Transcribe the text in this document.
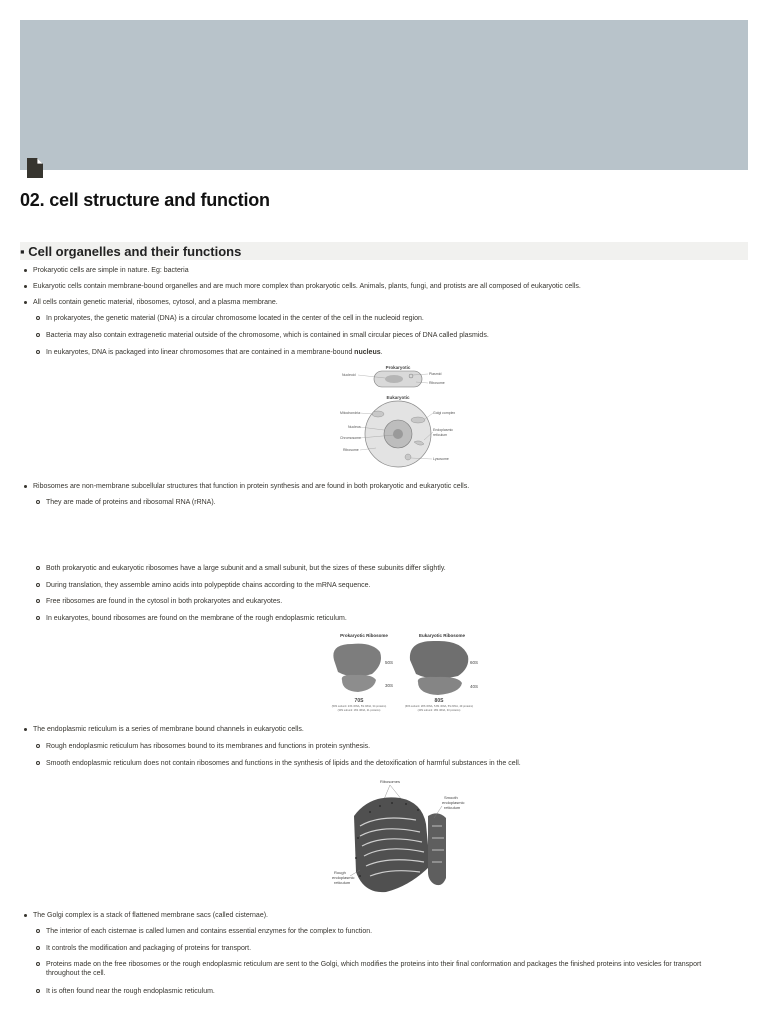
02. cell structure and function
▪ Cell organelles and their functions
Prokaryotic cells are simple in nature. Eg: bacteria
Eukaryotic cells contain membrane-bound organelles and are much more complex than prokaryotic cells. Animals, plants, fungi, and protists are all composed of eukaryotic cells.
All cells contain genetic material, ribosomes, cytosol, and a plasma membrane.
In prokaryotes, the genetic material (DNA) is a circular chromosome located in the center of the cell in the nucleoid region.
Bacteria may also contain extragenetic material outside of the chromosome, which is contained in small circular pieces of DNA called plasmids.
In eukaryotes, DNA is packaged into linear chromosomes that are contained in a membrane-bound nucleus.
Prokaryotic
Nucleoid	Plasmid
Ribosome
Eukaryotic
Mitochondria
Nucleus
Chromosome
Ribosome
Golgi complex
Endoplasmic
reticulum
Lysosome
Ribosomes are non-membrane subcellular structures that function in protein synthesis and are found in both prokaryotic and eukaryotic cells.
They are made of proteins and ribosomal RNA (rRNA).
Both prokaryotic and eukaryotic ribosomes have a large subunit and a small subunit, but the sizes of these subunits differ slightly.
During translation, they assemble amino acids into polypeptide chains according to the mRNA sequence.
Free ribosomes are found in the cytosol in both prokaryotes and eukaryotes.
In eukaryotes, bound ribosomes are found on the membrane of the rough endoplasmic reticulum.
Prokaryotic Ribosome	Eukaryotic Ribosome
50S
30S
70S
(50S subunit: 23S rRNA, 5S rRNA, 34 proteins)
(30S subunit: 16S rRNA, 21 proteins)
60S
40S
80S
(60S subunit: 28S rRNA, 5.8S rRNA, 5S rRNA, 49 proteins)
(40S subunit: 18S rRNA, 33 proteins)
The endoplasmic reticulum is a series of membrane bound channels in eukaryotic cells.
Rough endoplasmic reticulum has ribosomes bound to its membranes and functions in protein synthesis.
Smooth endoplasmic reticulum does not contain ribosomes and functions in the synthesis of lipids and the detoxification of harmful substances in the cell.
Ribosomes
Smooth
endoplasmic
reticulum
Rough
endoplasmic
reticulum
The Golgi complex is a stack of flattened membrane sacs (called cisternae).
The interior of each cisternae is called lumen and contains essential enzymes for the complex to function.
It controls the modification and packaging of proteins for transport.
Proteins made on the free ribosomes or the rough endoplasmic reticulum are sent to the Golgi, which modifies the proteins into their final conformation and packages the finished proteins into vesicles for transport throughout the cell.
It is often found near the rough endoplasmic reticulum.
